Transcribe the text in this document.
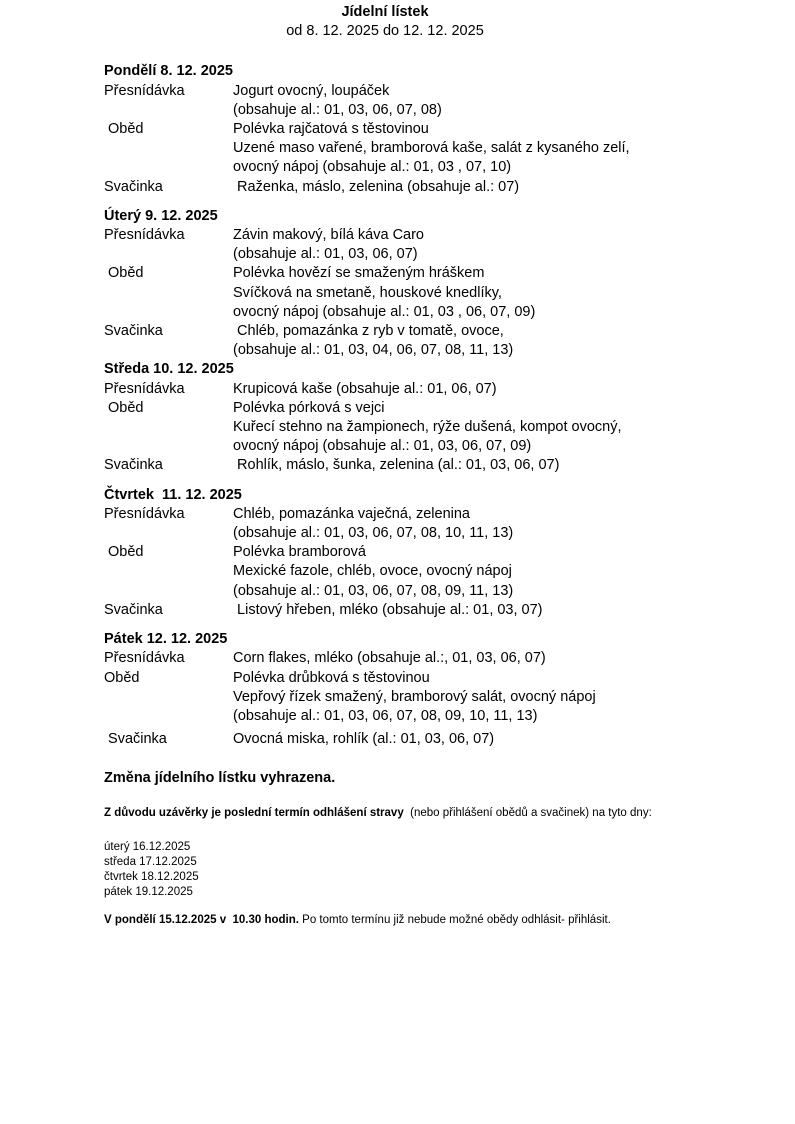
Jídelní lístek
od 8. 12. 2025 do 12. 12. 2025
Pondělí 8. 12. 2025
Přesnídávka	Jogurt ovocný, loupáček
(obsahuje al.: 01, 03, 06, 07, 08)
Oběd	Polévka rajčatová s těstovinou
Uzené maso vařené, bramborová kaše, salát z kysaného zelí,
ovocný nápoj (obsahuje al.: 01, 03 , 07, 10)
Svačinka	Raženka, máslo, zelenina (obsahuje al.: 07)
Úterý 9. 12. 2025
Přesnídávka	Závin makový, bílá káva Caro
(obsahuje al.: 01, 03, 06, 07)
Oběd	Polévka hovězí se smaženým hráškem
Svíčková na smetaně, houskové knedlíky,
ovocný nápoj (obsahuje al.: 01, 03 , 06, 07, 09)
Svačinka	Chléb, pomazánka z ryb v tomatě, ovoce,
(obsahuje al.: 01, 03, 04, 06, 07, 08, 11, 13)
Středa 10. 12. 2025
Přesnídávka	Krupicová kaše (obsahuje al.: 01, 06, 07)
Oběd	Polévka pórková s vejci
Kuřecí stehno na žampionech, rýže dušená, kompot ovocný,
ovocný nápoj (obsahuje al.: 01, 03, 06, 07, 09)
Svačinka	Rohlík, máslo, šunka, zelenina (al.: 01, 03, 06, 07)
Čtvrtek  11. 12. 2025
Přesnídávka	Chléb, pomazánka vaječná, zelenina
(obsahuje al.: 01, 03, 06, 07, 08, 10, 11, 13)
Oběd	Polévka bramborová
Mexické fazole, chléb, ovoce, ovocný nápoj
(obsahuje al.: 01, 03, 06, 07, 08, 09, 11, 13)
Svačinka	Listový hřeben, mléko (obsahuje al.: 01, 03, 07)
Pátek 12. 12. 2025
Přesnídávka	Corn flakes, mléko (obsahuje al.:, 01, 03, 06, 07)
Oběd	Polévka drůbková s těstovinou
Vepřový řízek smažený, bramborový salát, ovocný nápoj
(obsahuje al.: 01, 03, 06, 07, 08, 09, 10, 11, 13)
Svačinka	Ovocná miska, rohlík (al.: 01, 03, 06, 07)
Změna jídelního lístku vyhrazena.
Z důvodu uzávěrky je poslední termín odhlášení stravy  (nebo přihlášení obědů a svačinek) na tyto dny:
úterý 16.12.2025
středa 17.12.2025
čtvrtek 18.12.2025
pátek 19.12.2025
V pondělí 15.12.2025 v  10.30 hodin. Po tomto termínu již nebude možné obědy odhlásit- přihlásit.
